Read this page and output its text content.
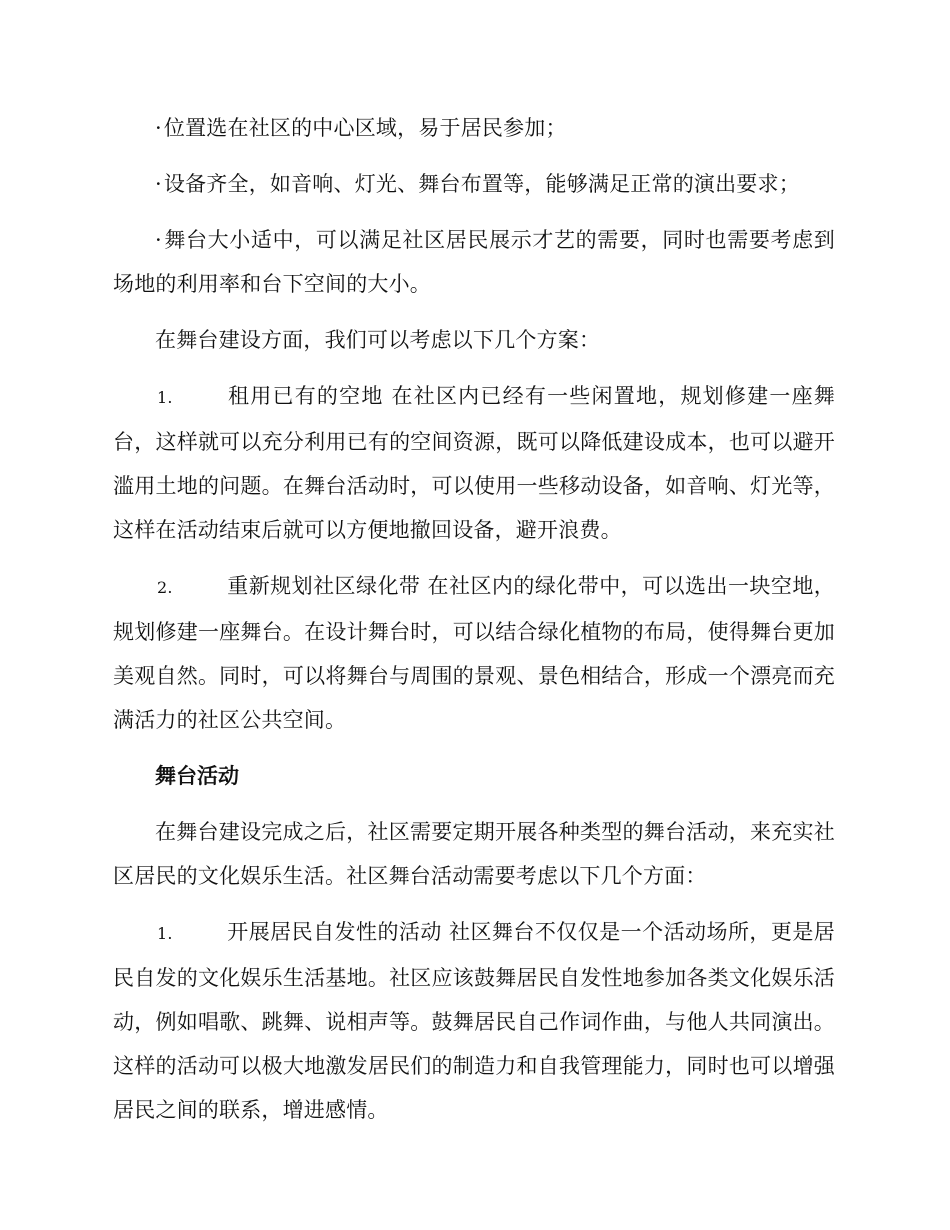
· 位置选在社区的中心区域，易于居民参加；

· 设备齐全，如音响、灯光、舞台布置等，能够满足正常的演出要求；

· 舞台大小适中，可以满足社区居民展示才艺的需要，同时也需要考虑到场地的利用率和台下空间的大小。

在舞台建设方面，我们可以考虑以下几个方案：

1.	租用已有的空地 在社区内已经有一些闲置地，规划修建一座舞台，这样就可以充分利用已有的空间资源，既可以降低建设成本，也可以避开滥用土地的问题。在舞台活动时，可以使用一些移动设备，如音响、灯光等，这样在活动结束后就可以方便地撤回设备，避开浪费。

2.	重新规划社区绿化带 在社区内的绿化带中，可以选出一块空地，规划修建一座舞台。在设计舞台时，可以结合绿化植物的布局，使得舞台更加美观自然。同时，可以将舞台与周围的景观、景色相结合，形成一个漂亮而充满活力的社区公共空间。

舞台活动

在舞台建设完成之后，社区需要定期开展各种类型的舞台活动，来充实社区居民的文化娱乐生活。社区舞台活动需要考虑以下几个方面：

1.	开展居民自发性的活动 社区舞台不仅仅是一个活动场所，更是居民自发的文化娱乐生活基地。社区应该鼓舞居民自发性地参加各类文化娱乐活动，例如唱歌、跳舞、说相声等。鼓舞居民自己作词作曲，与他人共同演出。这样的活动可以极大地激发居民们的制造力和自我管理能力，同时也可以增强居民之间的联系，增进感情。
